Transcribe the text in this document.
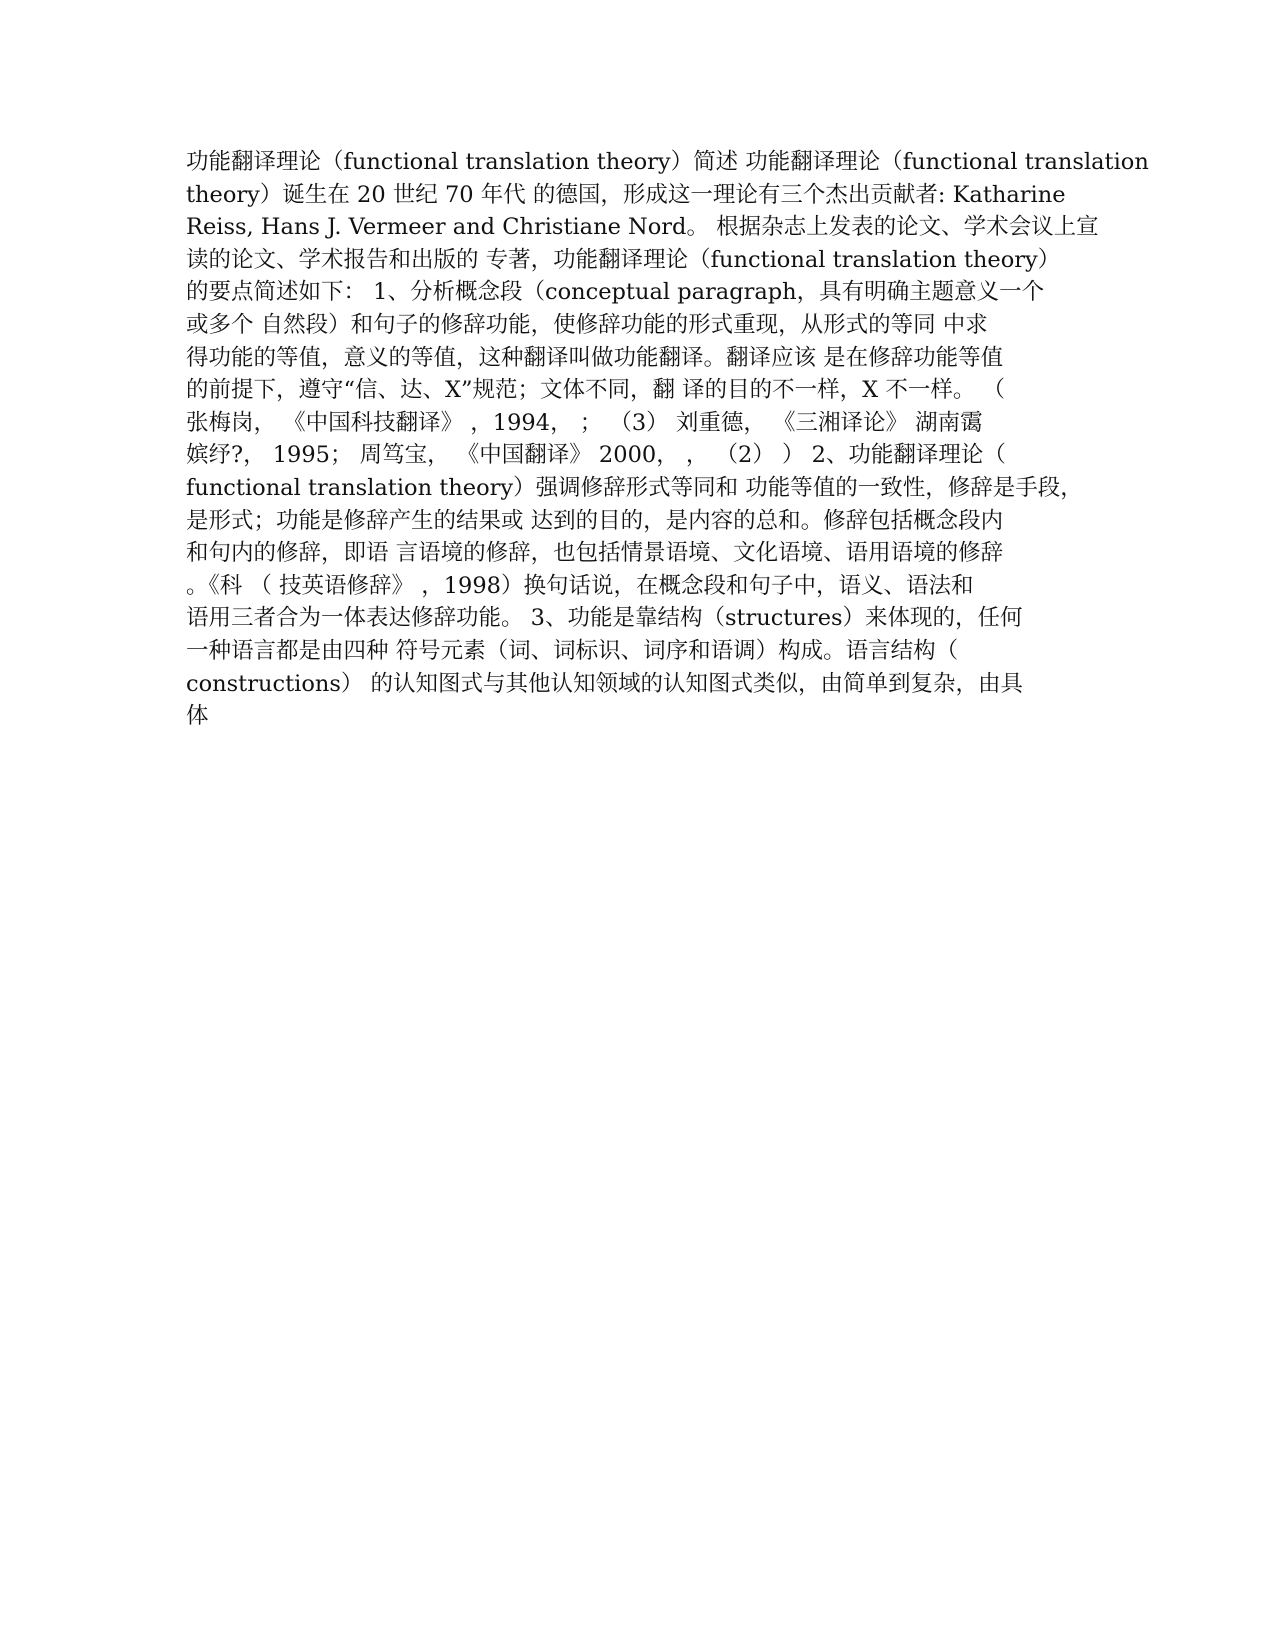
功能翻译理论（functional translation theory）简述 功能翻译理论（functional translation
theory）诞生在 20 世纪 70 年代 的德国，形成这一理论有三个杰出贡献者: Katharine
Reiss, Hans J. Vermeer and Christiane Nord。 根据杂志上发表的论文、学术会议上宣
读的论文、学术报告和出版的 专著，功能翻译理论（functional translation theory）
的要点简述如下： 1、分析概念段（conceptual paragraph，具有明确主题意义一个
或多个 自然段）和句子的修辞功能，使修辞功能的形式重现，从形式的等同 中求
得功能的等值，意义的等值，这种翻译叫做功能翻译。翻译应该 是在修辞功能等值
的前提下，遵守“信、达、X”规范；文体不同，翻 译的目的不一样，X 不一样。 （
张梅岗， 《中国科技翻译》 ，1994， ； （3） 刘重德， 《三湘译论》 湖南霭
嫔纾?， 1995； 周笃宝， 《中国翻译》 2000， ， （2） ） 2、功能翻译理论（
functional translation theory）强调修辞形式等同和 功能等值的一致性，修辞是手段，
是形式；功能是修辞产生的结果或 达到的目的，是内容的总和。修辞包括概念段内
和句内的修辞，即语 言语境的修辞，也包括情景语境、文化语境、语用语境的修辞
。《科 （ 技英语修辞》 ，1998）换句话说，在概念段和句子中，语义、语法和
语用三者合为一体表达修辞功能。 3、功能是靠结构（structures）来体现的，任何
一种语言都是由四种 符号元素（词、词标识、词序和语调）构成。语言结构（
constructions） 的认知图式与其他认知领域的认知图式类似，由简单到复杂，由具
体
